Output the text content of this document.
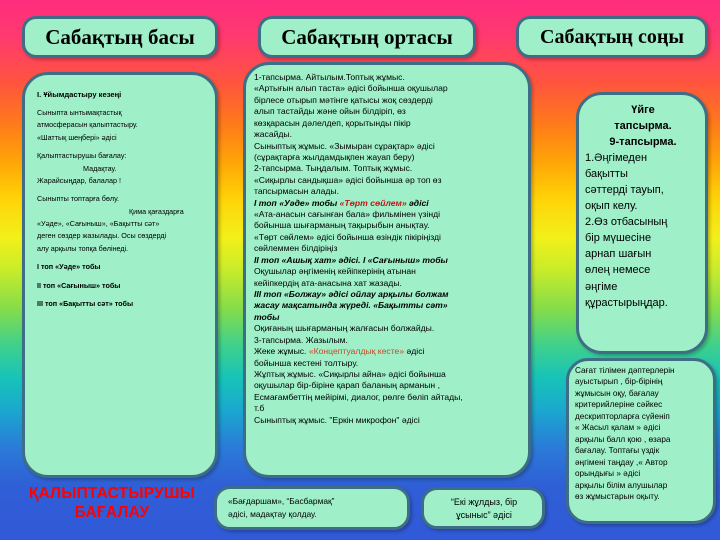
Сабақтың басы	Сабақтың ортасы	Сабақтың соңы

I. Ұйымдастыру кезеңі

Сыныпта ынтымақтастық

атмосферасын қалыптастыру.

«Шаттық шеңбері» әдісі

Қалыптастырушы бағалау:

Мадақтау.

Жарайсыңдар, балалар !

Сыныпты топтарға бөлу.

Қима қағаздарға

«Уәде», «Сағыныш», «Бақытты сәт»

деген сөздер жазылады. Осы сөздерді

алу арқылы топқа бөлінеді.

I топ «Уәде» тобы

II топ «Сағыныш» тобы

III топ «Бақытты сәт» тобы

ҚАЛЫПТАСТЫРУШЫ
БАҒАЛАУ

1-тапсырма. Айтылым.Топтық жұмыс.

«Артығын алып таста» әдісі бойынша оқушылар

бірлесе отырып мәтінге қатысы жоқ сөздерді

алып тастайды және ойын білдіріп, өз

көзқарасын дәлелдеп, қорытынды пікір

жасайды.

Сыныптық жұмыс. «Зымыран сұрақтар» әдісі

(сұрақтарға жылдамдықпен жауап беру)

2-тапсырма. Тыңдалым. Топтық жұмыс.

«Сиқырлы сандықша» әдісі бойынша әр топ өз

тапсырмасын алады.

I топ «Уәде» тобы «Төрт сөйлем» әдісі

«Ата-анасын сағынған бала» фильмінен үзінді

бойынша шығарманың тақырыбын анықтау.

«Төрт сөйлем» әдісі бойынша өзіндік пікіріңізді

сөйлеммен білдіріңіз

II топ «Ашық хат» әдісі. I «Сағыныш» тобы

Оқушылар әңгіменің кейіпкерінің атынан

кейіпкердің ата-анасына хат жазады.

III топ «Болжау» әдісі ойлау арқылы болжам

жасау мақсатында жүреді. «Бақытты сәт»

тобы

Оқиғаның шығарманың жалғасын болжайды.

3-тапсырма. Жазылым.

Жеке жұмыс. «Концептуалдық кесте» әдісі

бойынша кестені толтыру.

Жұптық жұмыс. «Сиқырлы айна» әдісі бойынша

оқушылар бір-біріне қарап баланың арманын ,

Есмағамбеттің мейірімі, диалог, рөлге бөліп айтады,

т.б

Сыныптық жұмыс. "Еркін микрофон" әдісі

Үйге
тапсырма.
9-тапсырма.
1.Әңгімеден
бақытты
сәттерді тауып,
оқып келу.
2.Өз отбасының
бір мүшесіне
арнап шағын
өлең немесе
әңгіме
құрастырыңдар.
Сағат тілімен дәптерлерін
ауыстырып , бір-бірінің
жұмысын оқу, бағалау
критерийлеріне сәйкес
дескрипторларға сүйеніп
« Жасыл қалам » әдісі
арқылы балл қою , өзара
бағалау. Топтағы үздік
әңгімені таңдау ,« Автор
орындығы » әдісі
арқылы білім алушылар
өз жұмыстарын оқыту.
«Бағдаршам», “Басбармақ”
әдісі, мадақтау қолдау.
“Екі жұлдыз, бір
ұсыныс” әдісі
